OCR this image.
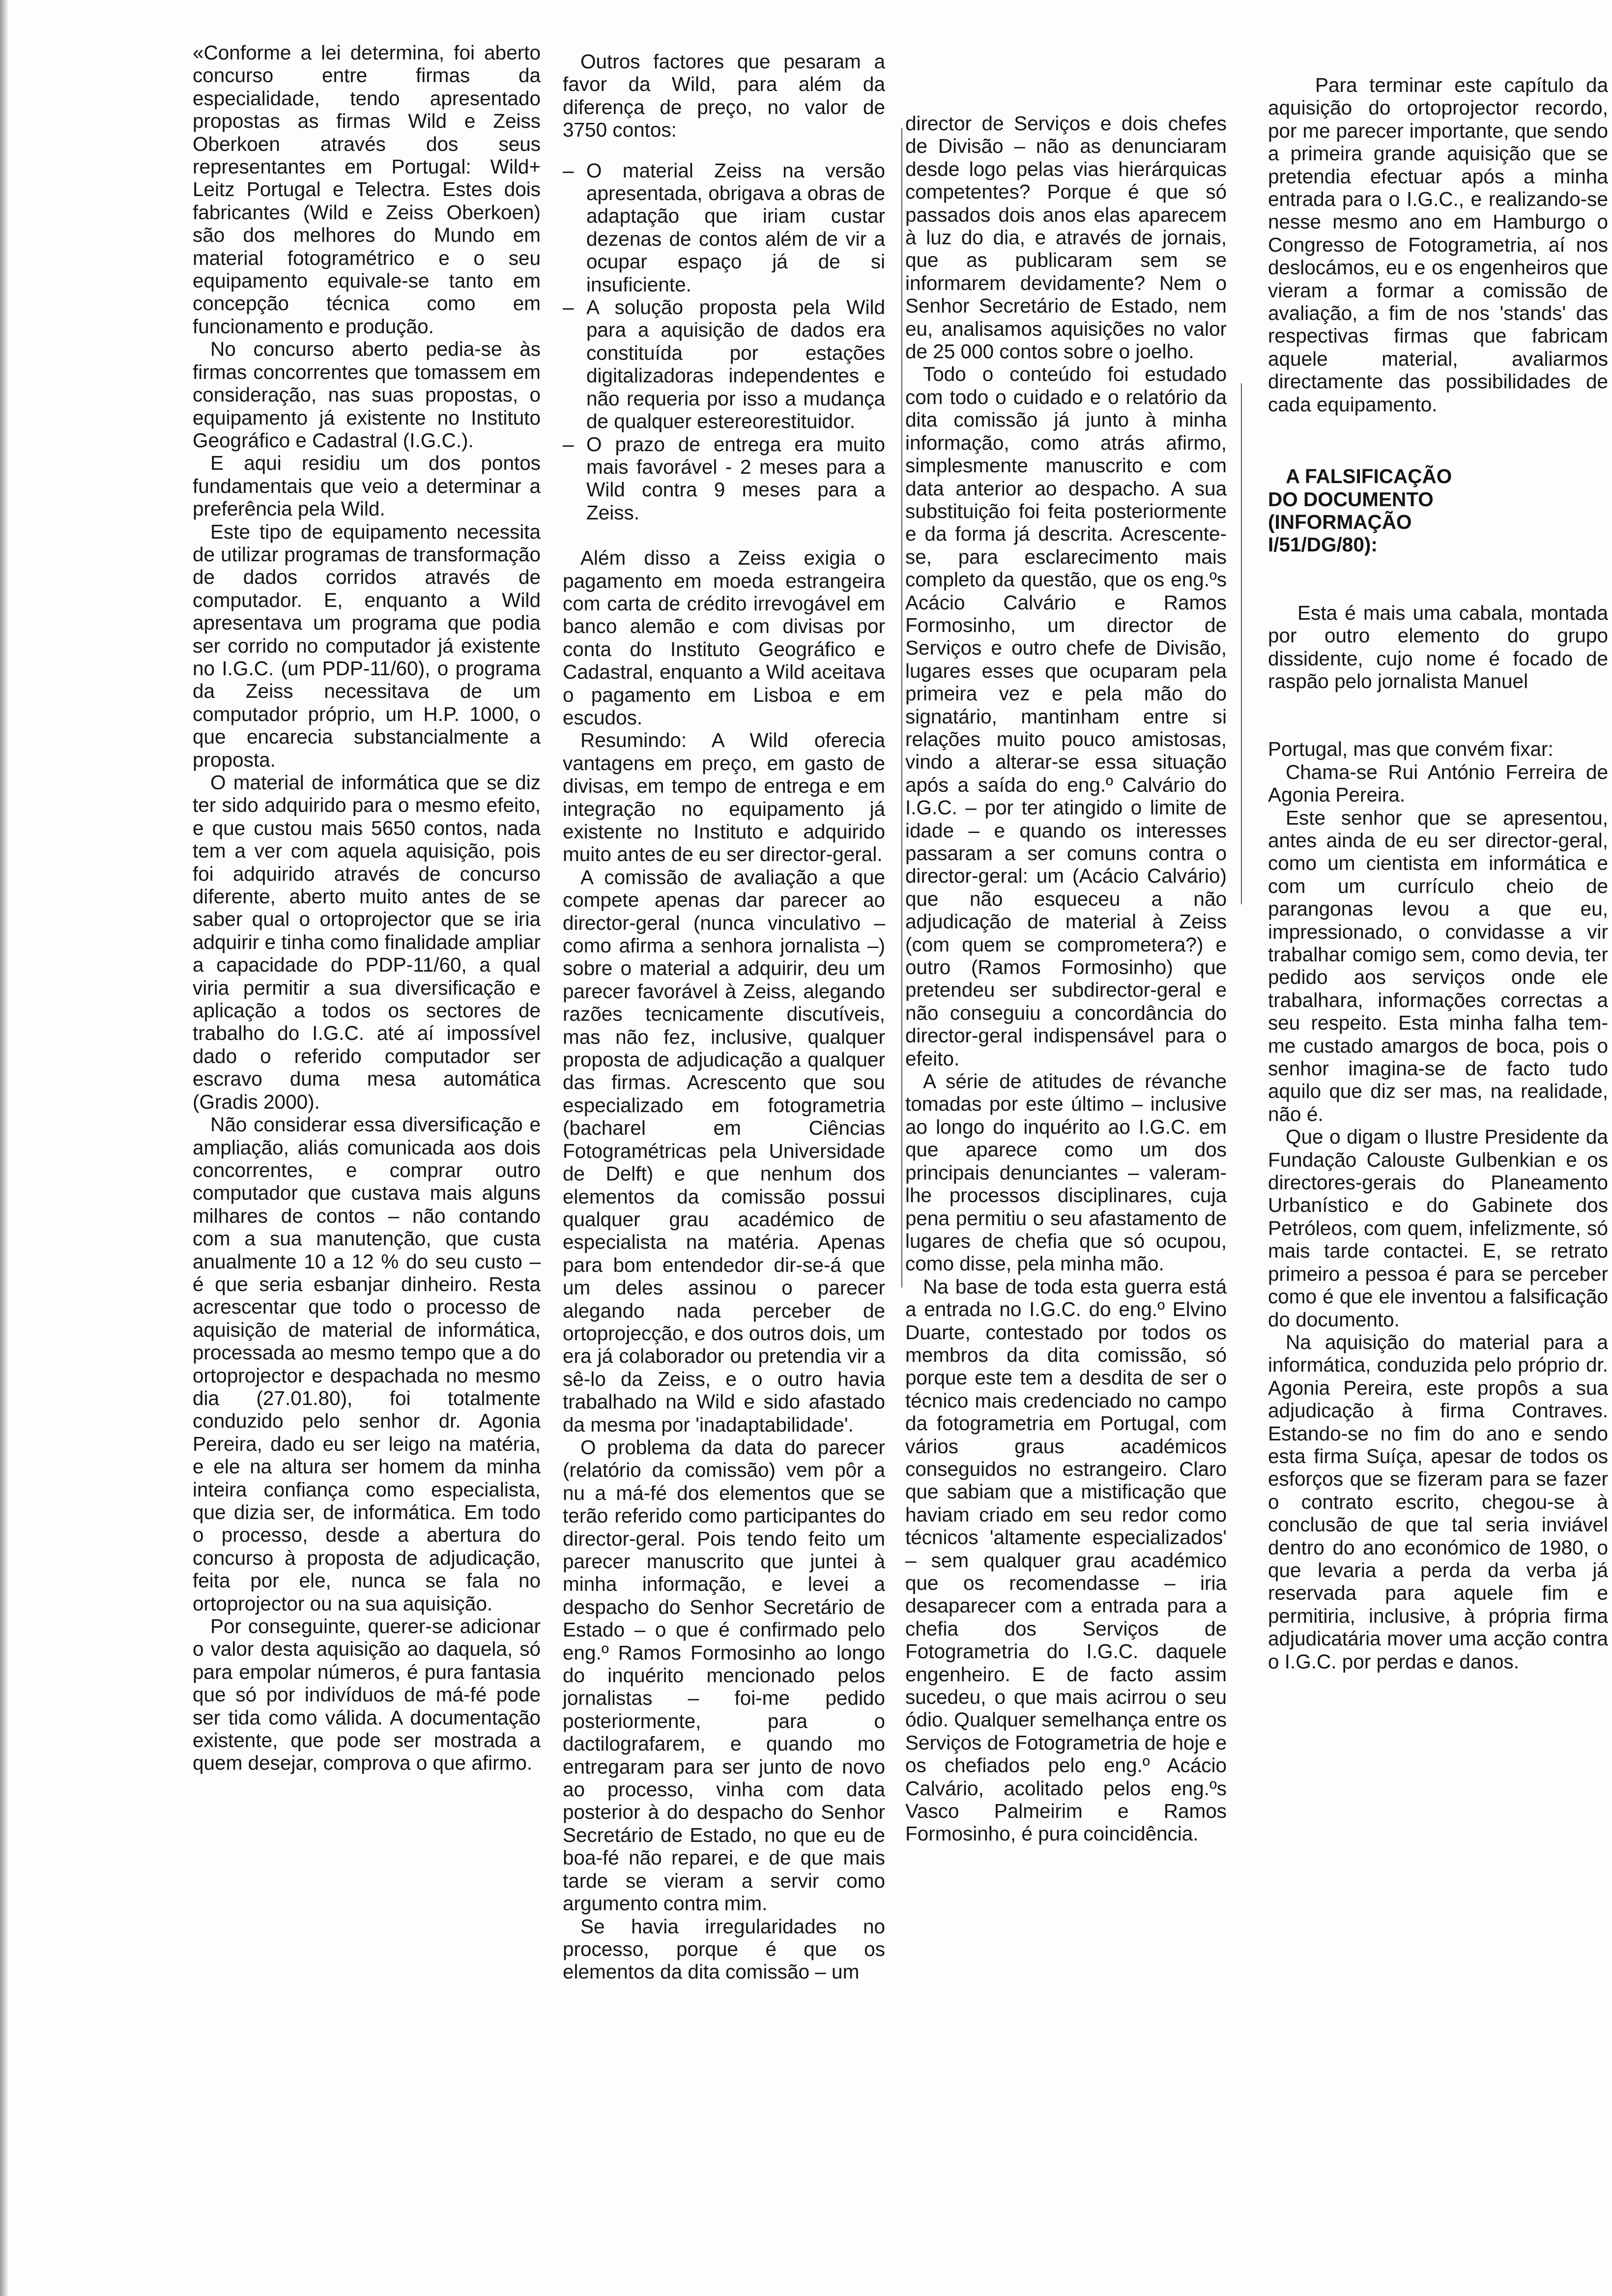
«Conforme a lei determina, foi aberto concurso entre firmas da especialidade, tendo apresentado propostas as firmas Wild e Zeiss Oberkoen através dos seus representantes em Portugal: Wild+ Leitz Portugal e Telectra. Estes dois fabricantes (Wild e Zeiss Oberkoen) são dos melhores do Mundo em material fotogramétrico e o seu equipamento equivale-se tanto em concepção técnica como em funcionamento e produção.

No concurso aberto pedia-se às firmas concorrentes que tomassem em consideração, nas suas propostas, o equipamento já existente no Instituto Geográfico e Cadastral (I.G.C.).

E aqui residiu um dos pontos fundamentais que veio a determinar a preferência pela Wild.

Este tipo de equipamento necessita de utilizar programas de transformação de dados corridos através de computador. E, enquanto a Wild apresentava um programa que podia ser corrido no computador já existente no I.G.C. (um PDP-11/60), o programa da Zeiss necessitava de um computador próprio, um H.P. 1000, o que encarecia substancialmente a proposta.

O material de informática que se diz ter sido adquirido para o mesmo efeito, e que custou mais 5650 contos, nada tem a ver com aquela aquisição, pois foi adquirido através de concurso diferente, aberto muito antes de se saber qual o ortoprojector que se iria adquirir e tinha como finalidade ampliar a capacidade do PDP-11/60, a qual viria permitir a sua diversificação e aplicação a todos os sectores de trabalho do I.G.C. até aí impossível dado o referido computador ser escravo duma mesa automática (Gradis 2000).

Não considerar essa diversificação e ampliação, aliás comunicada aos dois concorrentes, e comprar outro computador que custava mais alguns milhares de contos – não contando com a sua manutenção, que custa anualmente 10 a 12 % do seu custo – é que seria esbanjar dinheiro. Resta acrescentar que todo o processo de aquisição de material de informática, processada ao mesmo tempo que a do ortoprojector e despachada no mesmo dia (27.01.80), foi totalmente conduzido pelo senhor dr. Agonia Pereira, dado eu ser leigo na matéria, e ele na altura ser homem da minha inteira confiança como especialista, que dizia ser, de informática. Em todo o processo, desde a abertura do concurso à proposta de adjudicação, feita por ele, nunca se fala no ortoprojector ou na sua aquisição.

Por conseguinte, querer-se adicionar o valor desta aquisição ao daquela, só para empolar números, é pura fantasia que só por indivíduos de má-fé pode ser tida como válida. A documentação existente, que pode ser mostrada a quem desejar, comprova o que afirmo.

Outros factores que pesaram a favor da Wild, para além da diferença de preço, no valor de 3750 contos:

– O material Zeiss na versão apresentada, obrigava a obras de adaptação que iriam custar dezenas de contos além de vir a ocupar espaço já de si insuficiente.
– A solução proposta pela Wild para a aquisição de dados era constituída por estações digitalizadoras independentes e não requeria por isso a mudança de qualquer estereorestituidor.
– O prazo de entrega era muito mais favorável - 2 meses para a Wild contra 9 meses para a Zeiss.

Além disso a Zeiss exigia o pagamento em moeda estrangeira com carta de crédito irrevogável em banco alemão e com divisas por conta do Instituto Geográfico e Cadastral, enquanto a Wild aceitava o pagamento em Lisboa e em escudos.

Resumindo: A Wild oferecia vantagens em preço, em gasto de divisas, em tempo de entrega e em integração no equipamento já existente no Instituto e adquirido muito antes de eu ser director-geral.

A comissão de avaliação a que compete apenas dar parecer ao director-geral (nunca vinculativo – como afirma a senhora jornalista –) sobre o material a adquirir, deu um parecer favorável à Zeiss, alegando razões tecnicamente discutíveis, mas não fez, inclusive, qualquer proposta de adjudicação a qualquer das firmas. Acrescento que sou especializado em fotogrametria (bacharel em Ciências Fotogramétricas pela Universidade de Delft) e que nenhum dos elementos da comissão possui qualquer grau académico de especialista na matéria. Apenas para bom entendedor dir-se-á que um deles assinou o parecer alegando nada perceber de ortoprojecção, e dos outros dois, um era já colaborador ou pretendia vir a sê-lo da Zeiss, e o outro havia trabalhado na Wild e sido afastado da mesma por 'inadaptabilidade'.

O problema da data do parecer (relatório da comissão) vem pôr a nu a má-fé dos elementos que se terão referido como participantes do director-geral. Pois tendo feito um parecer manuscrito que juntei à minha informação, e levei a despacho do Senhor Secretário de Estado – o que é confirmado pelo eng.º Ramos Formosinho ao longo do inquérito mencionado pelos jornalistas – foi-me pedido posteriormente, para o dactilografarem, e quando mo entregaram para ser junto de novo ao processo, vinha com data posterior à do despacho do Senhor Secretário de Estado, no que eu de boa-fé não reparei, e de que mais tarde se vieram a servir como argumento contra mim.

Se havia irregularidades no processo, porque é que os elementos da dita comissão – um

director de Serviços e dois chefes de Divisão – não as denunciaram desde logo pelas vias hierárquicas competentes? Porque é que só passados dois anos elas aparecem à luz do dia, e através de jornais, que as publicaram sem se informarem devidamente? Nem o Senhor Secretário de Estado, nem eu, analisamos aquisições no valor de 25 000 contos sobre o joelho.

Todo o conteúdo foi estudado com todo o cuidado e o relatório da dita comissão já junto à minha informação, como atrás afirmo, simplesmente manuscrito e com data anterior ao despacho. A sua substituição foi feita posteriormente e da forma já descrita. Acrescente-se, para esclarecimento mais completo da questão, que os eng.ºs Acácio Calvário e Ramos Formosinho, um director de Serviços e outro chefe de Divisão, lugares esses que ocuparam pela primeira vez e pela mão do signatário, mantinham entre si relações muito pouco amistosas, vindo a alterar-se essa situação após a saída do eng.º Calvário do I.G.C. – por ter atingido o limite de idade – e quando os interesses passaram a ser comuns contra o director-geral: um (Acácio Calvário) que não esqueceu a não adjudicação de material à Zeiss (com quem se comprometera?) e outro (Ramos Formosinho) que pretendeu ser subdirector-geral e não conseguiu a concordância do director-geral indispensável para o efeito.

A série de atitudes de révanche tomadas por este último – inclusive ao longo do inquérito ao I.G.C. em que aparece como um dos principais denunciantes – valeram-lhe processos disciplinares, cuja pena permitiu o seu afastamento de lugares de chefia que só ocupou, como disse, pela minha mão.

Na base de toda esta guerra está a entrada no I.G.C. do eng.º Elvino Duarte, contestado por todos os membros da dita comissão, só porque este tem a desdita de ser o técnico mais credenciado no campo da fotogrametria em Portugal, com vários graus académicos conseguidos no estrangeiro. Claro que sabiam que a mistificação que haviam criado em seu redor como técnicos 'altamente especializados' – sem qualquer grau académico que os recomendasse – iria desaparecer com a entrada para a chefia dos Serviços de Fotogrametria do I.G.C. daquele engenheiro. E de facto assim sucedeu, o que mais acirrou o seu ódio. Qualquer semelhança entre os Serviços de Fotogrametria de hoje e os chefiados pelo eng.º Acácio Calvário, acolitado pelos eng.ºs Vasco Palmeirim e Ramos Formosinho, é pura coincidência.

Para terminar este capítulo da aquisição do ortoprojector recordo, por me parecer importante, que sendo a primeira grande aquisição que se pretendia efectuar após a minha entrada para o I.G.C., e realizando-se nesse mesmo ano em Hamburgo o Congresso de Fotogrametria, aí nos deslocámos, eu e os engenheiros que vieram a formar a comissão de avaliação, a fim de nos 'stands' das respectivas firmas que fabricam aquele material, avaliarmos directamente das possibilidades de cada equipamento.

A FALSIFICAÇÃO
DO DOCUMENTO
(INFORMAÇÃO
I/51/DG/80):

Esta é mais uma cabala, montada por outro elemento do grupo dissidente, cujo nome é focado de raspão pelo jornalista Manuel

Portugal, mas que convém fixar:

Chama-se Rui António Ferreira de Agonia Pereira.

Este senhor que se apresentou, antes ainda de eu ser director-geral, como um cientista em informática e com um currículo cheio de parangonas levou a que eu, impressionado, o convidasse a vir trabalhar comigo sem, como devia, ter pedido aos serviços onde ele trabalhara, informações correctas a seu respeito. Esta minha falha tem-me custado amargos de boca, pois o senhor imagina-se de facto tudo aquilo que diz ser mas, na realidade, não é.

Que o digam o Ilustre Presidente da Fundação Calouste Gulbenkian e os directores-gerais do Planeamento Urbanístico e do Gabinete dos Petróleos, com quem, infelizmente, só mais tarde contactei. E, se retrato primeiro a pessoa é para se perceber como é que ele inventou a falsificação do documento.

Na aquisição do material para a informática, conduzida pelo próprio dr. Agonia Pereira, este propôs a sua adjudicação à firma Contraves. Estando-se no fim do ano e sendo esta firma Suíça, apesar de todos os esforços que se fizeram para se fazer o contrato escrito, chegou-se à conclusão de que tal seria inviável dentro do ano económico de 1980, o que levaria a perda da verba já reservada para aquele fim e permitiria, inclusive, à própria firma adjudicatária mover uma acção contra o I.G.C. por perdas e danos.
